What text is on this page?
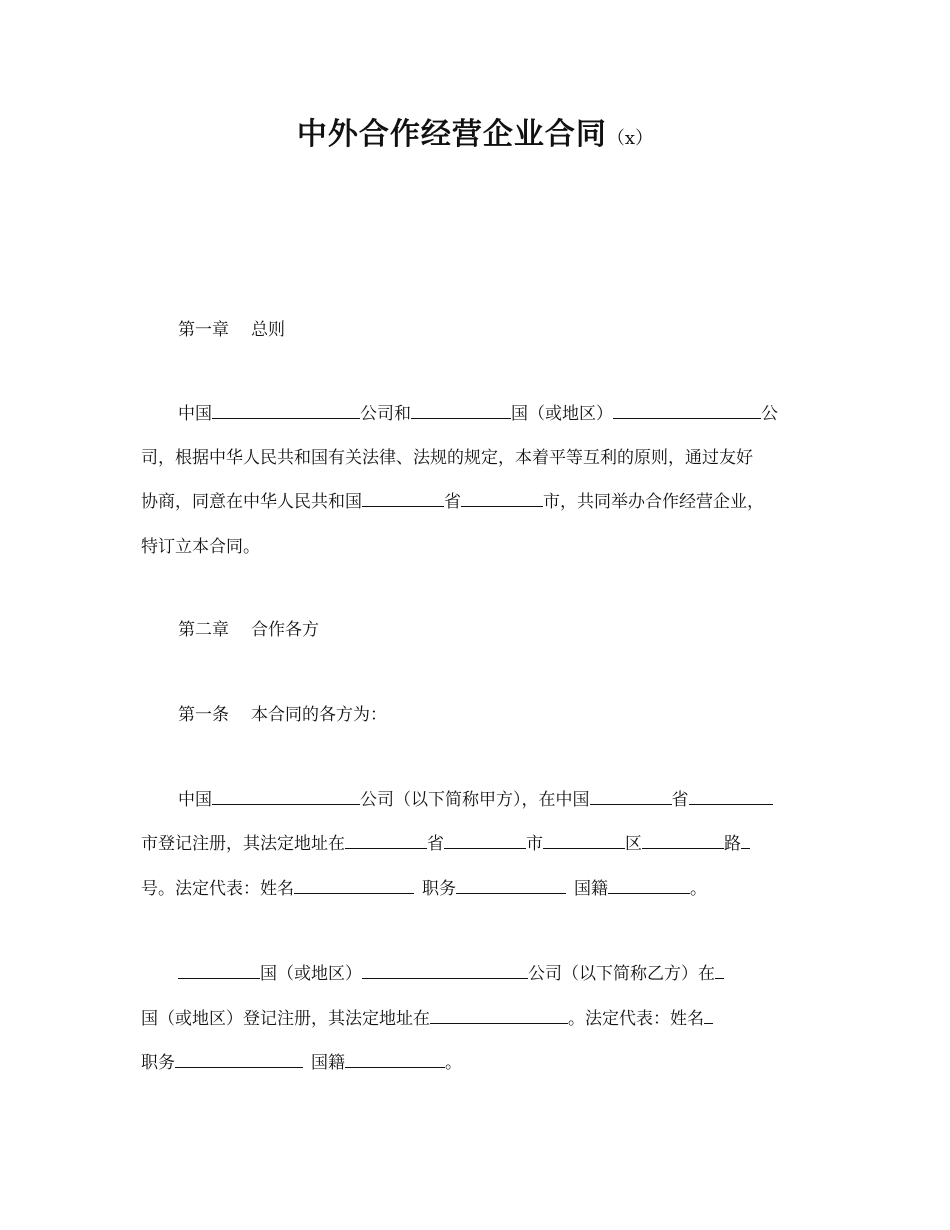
中外合作经营企业合同（x）
第一章 总则
中国	公司和	国（或地区）	公
司，根据中华人民共和国有关法律、法规的规定，本着平等互利的原则，通过友好
协商，同意在中华人民共和国	省	市，共同举办合作经营企业，
特订立本合同。
第二章 合作各方
第一条 本合同的各方为：
中国	公司（以下简称甲方），在中国	省
市登记注册，其法定地址在	省	市	区	路
号。法定代表：姓名	职务	国籍	。
国（或地区）	公司（以下简称乙方）在
国（或地区）登记注册，其法定地址在	。法定代表：姓名
职务	国籍	。
